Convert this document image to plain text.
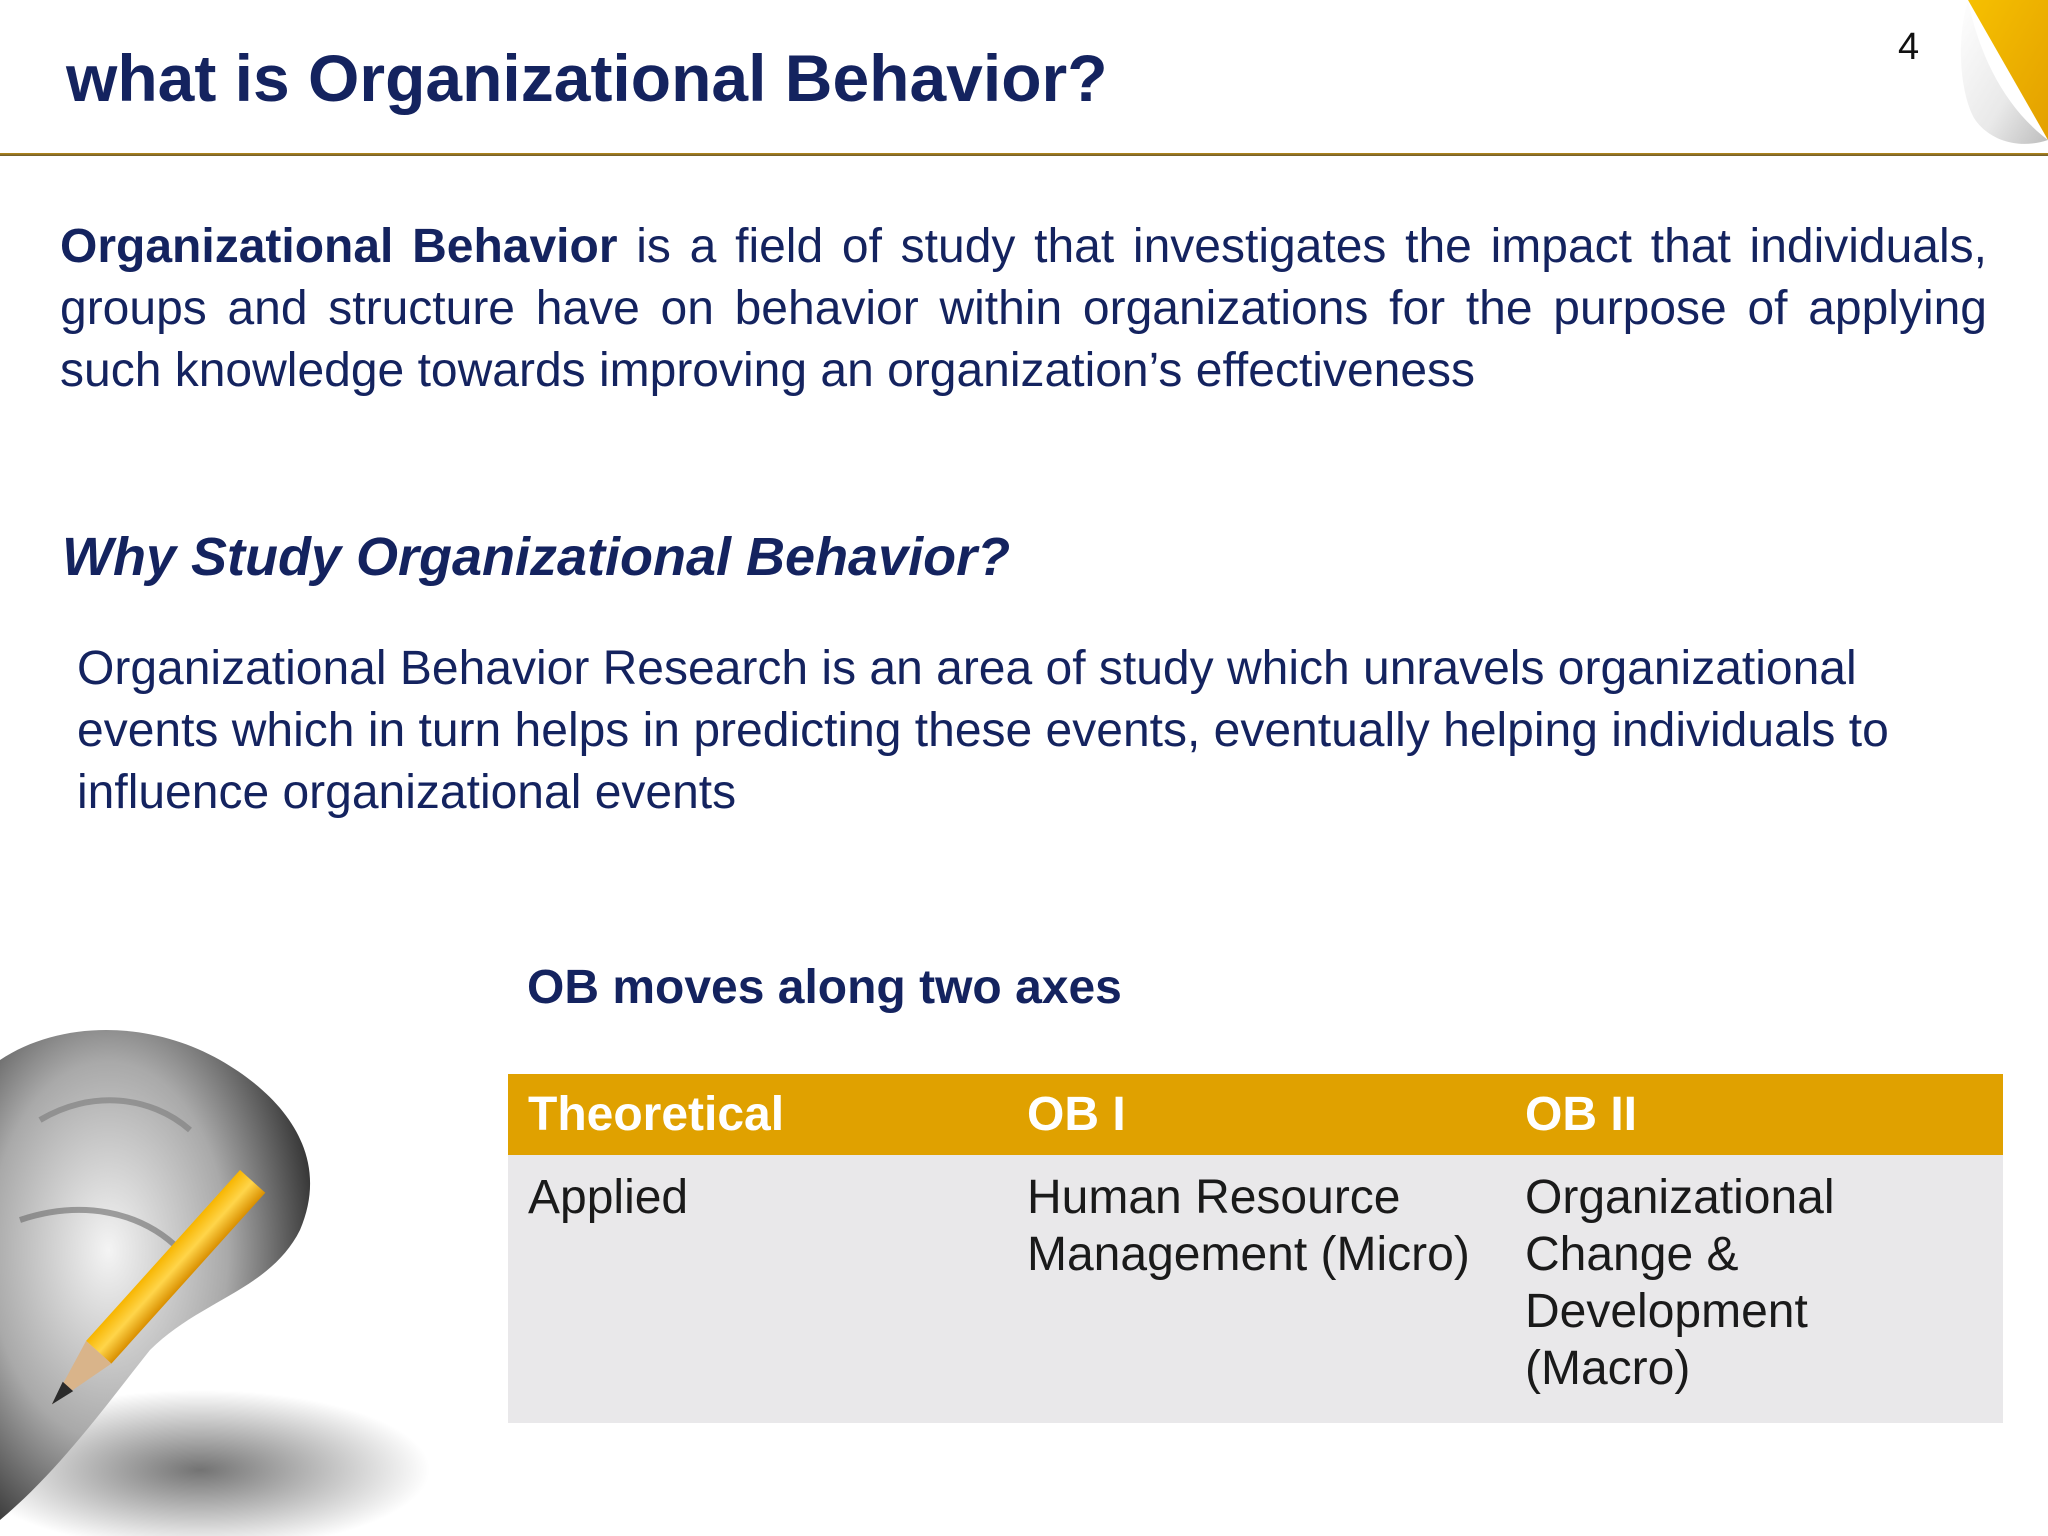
what is Organizational Behavior?	4

Organizational Behavior is a field of study that investigates the impact that individuals, groups and structure have on behavior within organizations for the purpose of applying such knowledge towards improving an organization’s effectiveness

Why Study Organizational Behavior?

Organizational Behavior Research is an area of study which unravels organizational events which in turn helps in predicting these events, eventually helping individuals to influence organizational events

OB moves along two axes
Theoretical	OB I	OB II
Applied	Human Resource Management (Micro)	Organizational Change & Development (Macro)
